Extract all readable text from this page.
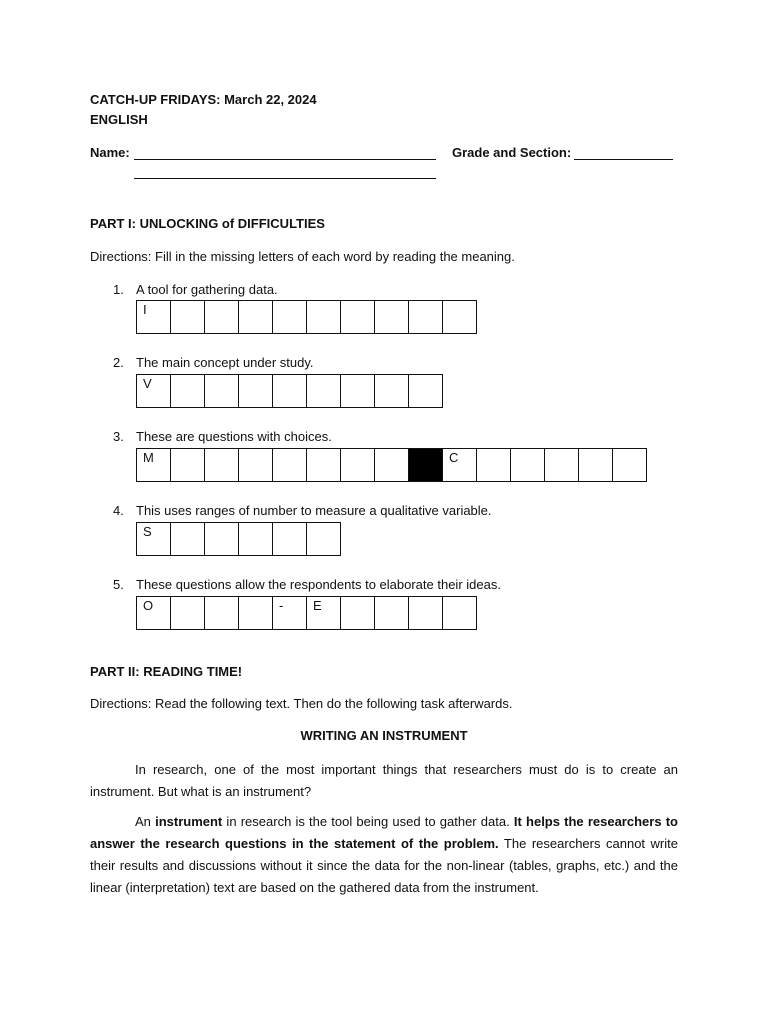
CATCH-UP FRIDAYS: March 22, 2024
ENGLISH
Name:	Grade and Section:
PART I: UNLOCKING of DIFFICULTIES
Directions: Fill in the missing letters of each word by reading the meaning.
1. A tool for gathering data.
I
2. The main concept under study.
V
3. These are questions with choices.
M	C
4. This uses ranges of number to measure a qualitative variable.
S
5. These questions allow the respondents to elaborate their ideas.
O	-	E
PART II: READING TIME!
Directions: Read the following text. Then do the following task afterwards.
WRITING AN INSTRUMENT
In research, one of the most important things that researchers must do is to create an instrument. But what is an instrument?
An instrument in research is the tool being used to gather data. It helps the researchers to answer the research questions in the statement of the problem. The researchers cannot write their results and discussions without it since the data for the non-linear (tables, graphs, etc.) and the linear (interpretation) text are based on the gathered data from the instrument.
